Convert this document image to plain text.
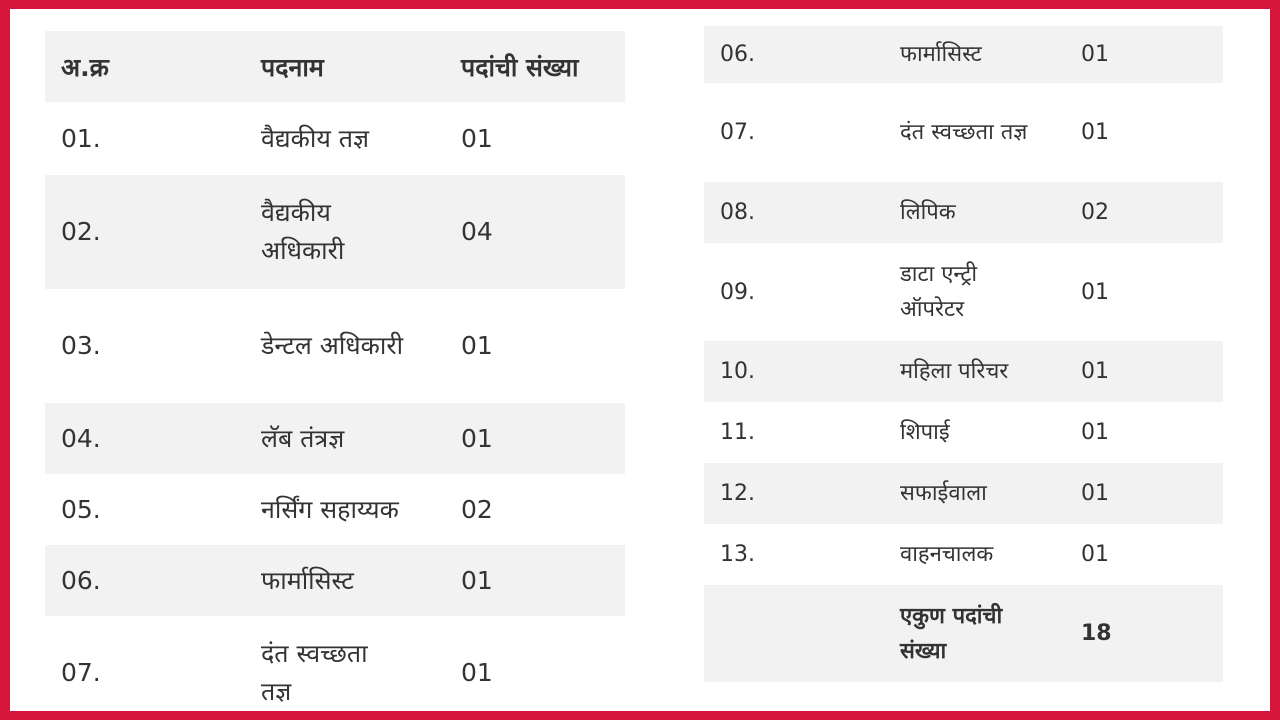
अ.क्र	पदनाम	पदांची संख्या
01.	वैद्यकीय तज्ञ	01
02.	वैद्यकीय अधिकारी	04
03.	डेन्टल अधिकारी	01
04.	लॅब तंत्रज्ञ	01
05.	नर्सिंग सहाय्यक	02
06.	फार्मासिस्ट	01
07.	दंत स्वच्छता तज्ञ	01
06.	फार्मासिस्ट	01
07.	दंत स्वच्छता तज्ञ	01
08.	लिपिक	02
09.	डाटा एन्ट्री ऑपरेटर	01
10.	महिला परिचर	01
11.	शिपाई	01
12.	सफाईवाला	01
13.	वाहनचालक	01
	एकुण पदांची संख्या	18
